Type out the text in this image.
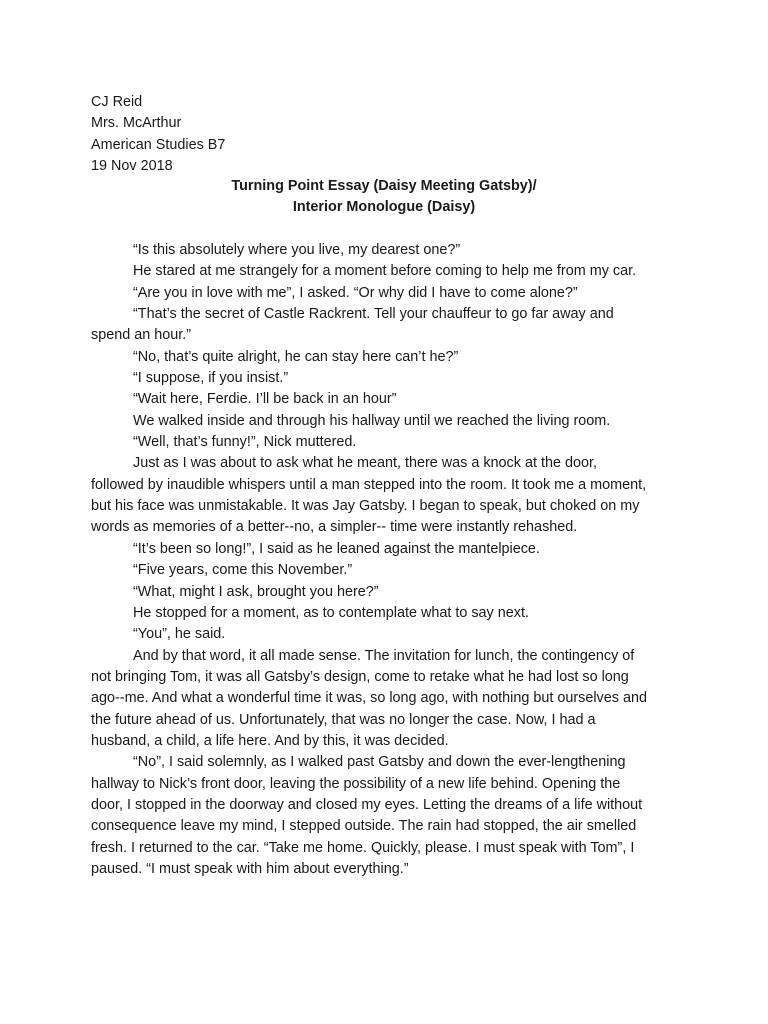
CJ Reid
Mrs. McArthur
American Studies B7
19 Nov 2018
Turning Point Essay (Daisy Meeting Gatsby)/
Interior Monologue (Daisy)
“Is this absolutely where you live, my dearest one?”
He stared at me strangely for a moment before coming to help me from my car.
“Are you in love with me”, I asked. “Or why did I have to come alone?”
“That’s the secret of Castle Rackrent. Tell your chauffeur to go far away and
spend an hour.”
“No, that’s quite alright, he can stay here can’t he?”
“I suppose, if you insist.”
“Wait here, Ferdie. I’ll be back in an hour”
We walked inside and through his hallway until we reached the living room.
“Well, that’s funny!”, Nick muttered.
Just as I was about to ask what he meant, there was a knock at the door,
followed by inaudible whispers until a man stepped into the room. It took me a moment,
but his face was unmistakable. It was Jay Gatsby. I began to speak, but choked on my
words as memories of a better--no, a simpler-- time were instantly rehashed.
“It’s been so long!”, I said as he leaned against the mantelpiece.
“Five years, come this November.”
“What, might I ask, brought you here?”
He stopped for a moment, as to contemplate what to say next.
“You”, he said.
And by that word, it all made sense. The invitation for lunch, the contingency of
not bringing Tom, it was all Gatsby’s design, come to retake what he had lost so long
ago--me. And what a wonderful time it was, so long ago, with nothing but ourselves and
the future ahead of us. Unfortunately, that was no longer the case. Now, I had a
husband, a child, a life here. And by this, it was decided.
“No”, I said solemnly, as I walked past Gatsby and down the ever-lengthening
hallway to Nick’s front door, leaving the possibility of a new life behind. Opening the
door, I stopped in the doorway and closed my eyes. Letting the dreams of a life without
consequence leave my mind, I stepped outside. The rain had stopped, the air smelled
fresh. I returned to the car. “Take me home. Quickly, please. I must speak with Tom”, I
paused. “I must speak with him about everything.”
